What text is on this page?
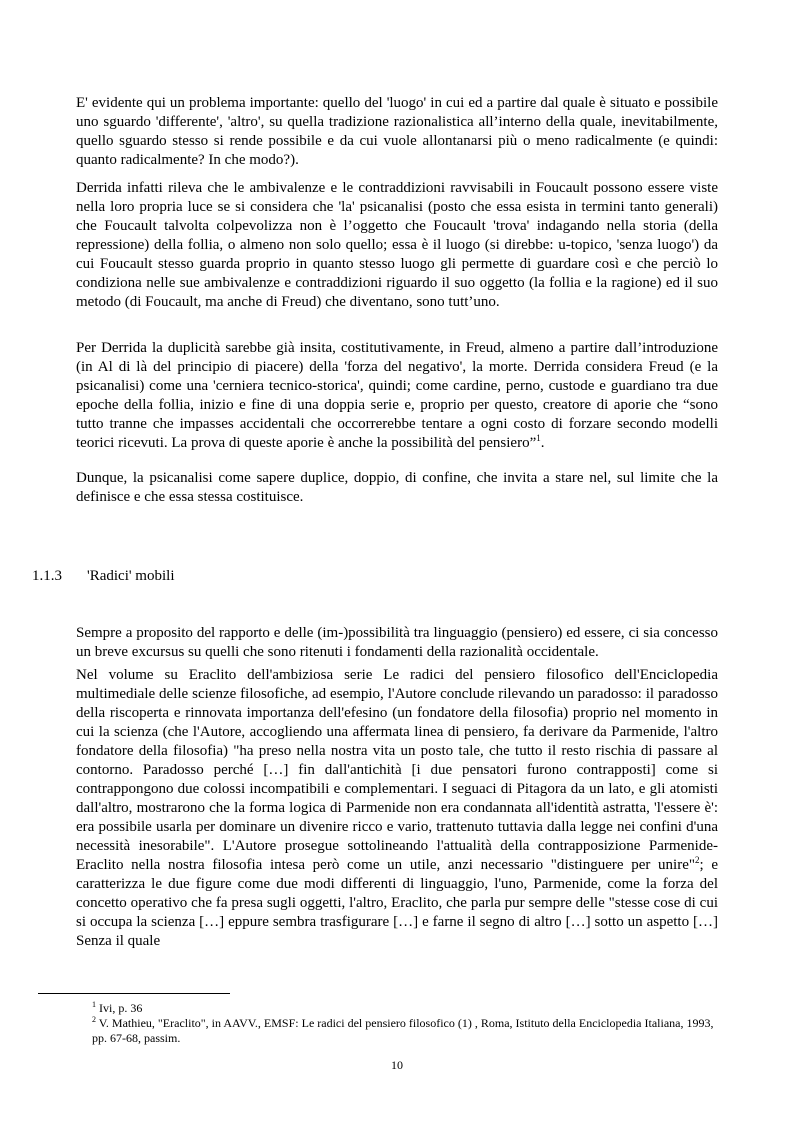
E' evidente qui un problema importante: quello del 'luogo' in cui ed a partire dal quale è situato e possibile uno sguardo 'differente', 'altro', su quella tradizione razionalistica all’interno della quale, inevitabilmente, quello sguardo stesso si rende possibile e da cui vuole allontanarsi più o meno radicalmente (e quindi: quanto radicalmente? In che modo?).

Derrida infatti rileva che le ambivalenze e le contraddizioni ravvisabili in Foucault possono essere viste nella loro propria luce se si considera che 'la' psicanalisi (posto che essa esista in termini tanto generali) che Foucault talvolta colpevolizza non è l’oggetto che Foucault 'trova' indagando nella storia (della repressione) della follia, o almeno non solo quello; essa è il luogo (si direbbe: u-topico, 'senza luogo') da cui Foucault stesso guarda proprio in quanto stesso luogo gli permette di guardare così e che perciò lo condiziona nelle sue ambivalenze e contraddizioni riguardo il suo oggetto (la follia e la ragione) ed il suo metodo (di Foucault, ma anche di Freud) che diventano, sono tutt’uno.

Per Derrida la duplicità sarebbe già insita, costitutivamente, in Freud, almeno a partire dall’introduzione (in Al di là del principio di piacere) della 'forza del negativo', la morte. Derrida considera Freud (e la psicanalisi) come una 'cerniera tecnico-storica', quindi; come cardine, perno, custode e guardiano tra due epoche della follia, inizio e fine di una doppia serie e, proprio per questo, creatore di aporie che “sono tutto tranne che impasses accidentali che occorrerebbe tentare a ogni costo di forzare secondo modelli teorici ricevuti. La prova di queste aporie è anche la possibilità del pensiero”$^1$.

Dunque, la psicanalisi come sapere duplice, doppio, di confine, che invita a stare nel, sul limite che la definisce e che essa stessa costituisce.

1.1.3 'Radici' mobili

Sempre a proposito del rapporto e delle (im-)possibilità tra linguaggio (pensiero) ed essere, ci sia concesso un breve excursus su quelli che sono ritenuti i fondamenti della razionalità occidentale.

Nel volume su Eraclito dell'ambiziosa serie Le radici del pensiero filosofico dell'Enciclopedia multimediale delle scienze filosofiche, ad esempio, l'Autore conclude rilevando un paradosso: il paradosso della riscoperta e rinnovata importanza dell'efesino (un fondatore della filosofia) proprio nel momento in cui la scienza (che l'Autore, accogliendo una affermata linea di pensiero, fa derivare da Parmenide, l'altro fondatore della filosofia) "ha preso nella nostra vita un posto tale, che tutto il resto rischia di passare al contorno. Paradosso perché […] fin dall'antichità [i due pensatori furono contrapposti] come si contrappongono due colossi incompatibili e complementari. I seguaci di Pitagora da un lato, e gli atomisti dall'altro, mostrarono che la forma logica di Parmenide non era condannata all'identità astratta, 'l'essere è': era possibile usarla per dominare un divenire ricco e vario, trattenuto tuttavia dalla legge nei confini d'una necessità inesorabile". L'Autore prosegue sottolineando l'attualità della contrapposizione Parmenide-Eraclito nella nostra filosofia intesa però come un utile, anzi necessario "distinguere per unire"$^2$; e caratterizza le due figure come due modi differenti di linguaggio, l'uno, Parmenide, come la forza del concetto operativo che fa presa sugli oggetti, l'altro, Eraclito, che parla pur sempre delle "stesse cose di cui si occupa la scienza […] eppure sembra trasfigurare […] e farne il segno di altro […] sotto un aspetto […] Senza il quale

$^1$ Ivi, p. 36

$^2$ V. Mathieu, "Eraclito", in AAVV., EMSF: Le radici del pensiero filosofico (1) , Roma, Istituto della Enciclopedia Italiana, 1993, pp. 67-68, passim.

10
